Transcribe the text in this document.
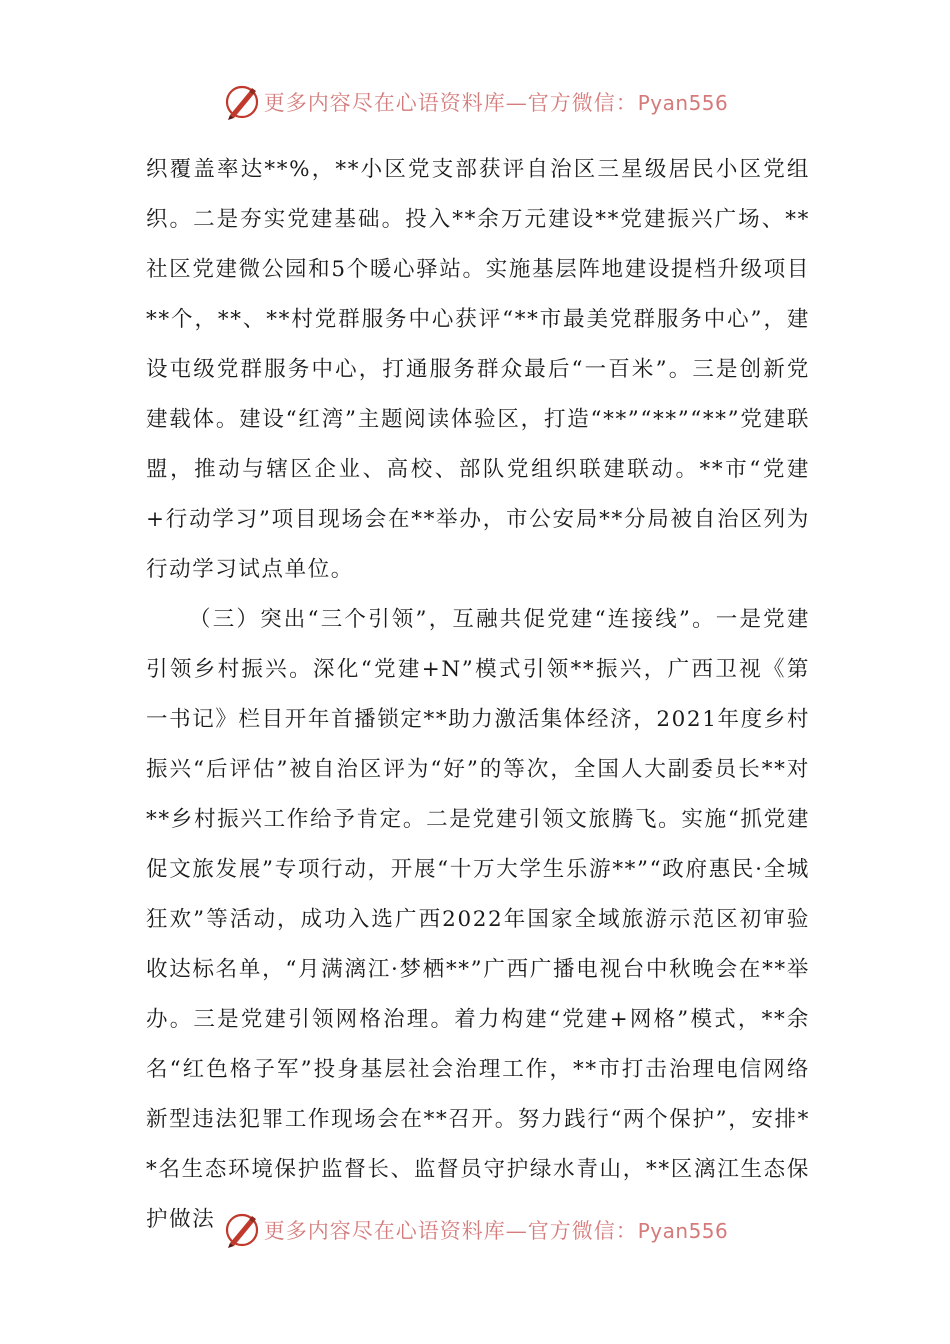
更多内容尽在心语资料库—官方微信：Pyan556

织覆盖率达**%，**小区党支部获评自治区三星级居民小区党组织。二是夯实党建基础。投入**余万元建设**党建振兴广场、**社区党建微公园和5个暖心驿站。实施基层阵地建设提档升级项目**个，**、**村党群服务中心获评“**市最美党群服务中心”，建设屯级党群服务中心，打通服务群众最后“一百米”。三是创新党建载体。建设“红湾”主题阅读体验区，打造“**”“**”“**”党建联盟，推动与辖区企业、高校、部队党组织联建联动。**市“党建+行动学习”项目现场会在**举办，市公安局**分局被自治区列为行动学习试点单位。

（三）突出“三个引领”，互融共促党建“连接线”。一是党建引领乡村振兴。深化“党建+N”模式引领**振兴，广西卫视《第一书记》栏目开年首播锁定**助力激活集体经济，2021年度乡村振兴“后评估”被自治区评为“好”的等次，全国人大副委员长**对**乡村振兴工作给予肯定。二是党建引领文旅腾飞。实施“抓党建促文旅发展”专项行动，开展“十万大学生乐游**”“政府惠民·全城狂欢”等活动，成功入选广西2022年国家全域旅游示范区初审验收达标名单，“月满漓江·梦栖**”广西广播电视台中秋晚会在**举办。三是党建引领网格治理。着力构建“党建+网格”模式，**余名“红色格子军”投身基层社会治理工作，**市打击治理电信网络新型违法犯罪工作现场会在**召开。努力践行“两个保护”，安排**名生态环境保护监督长、监督员守护绿水青山，**区漓江生态保护做法	更多内容尽在心语资料库—官方微信：Pyan556
